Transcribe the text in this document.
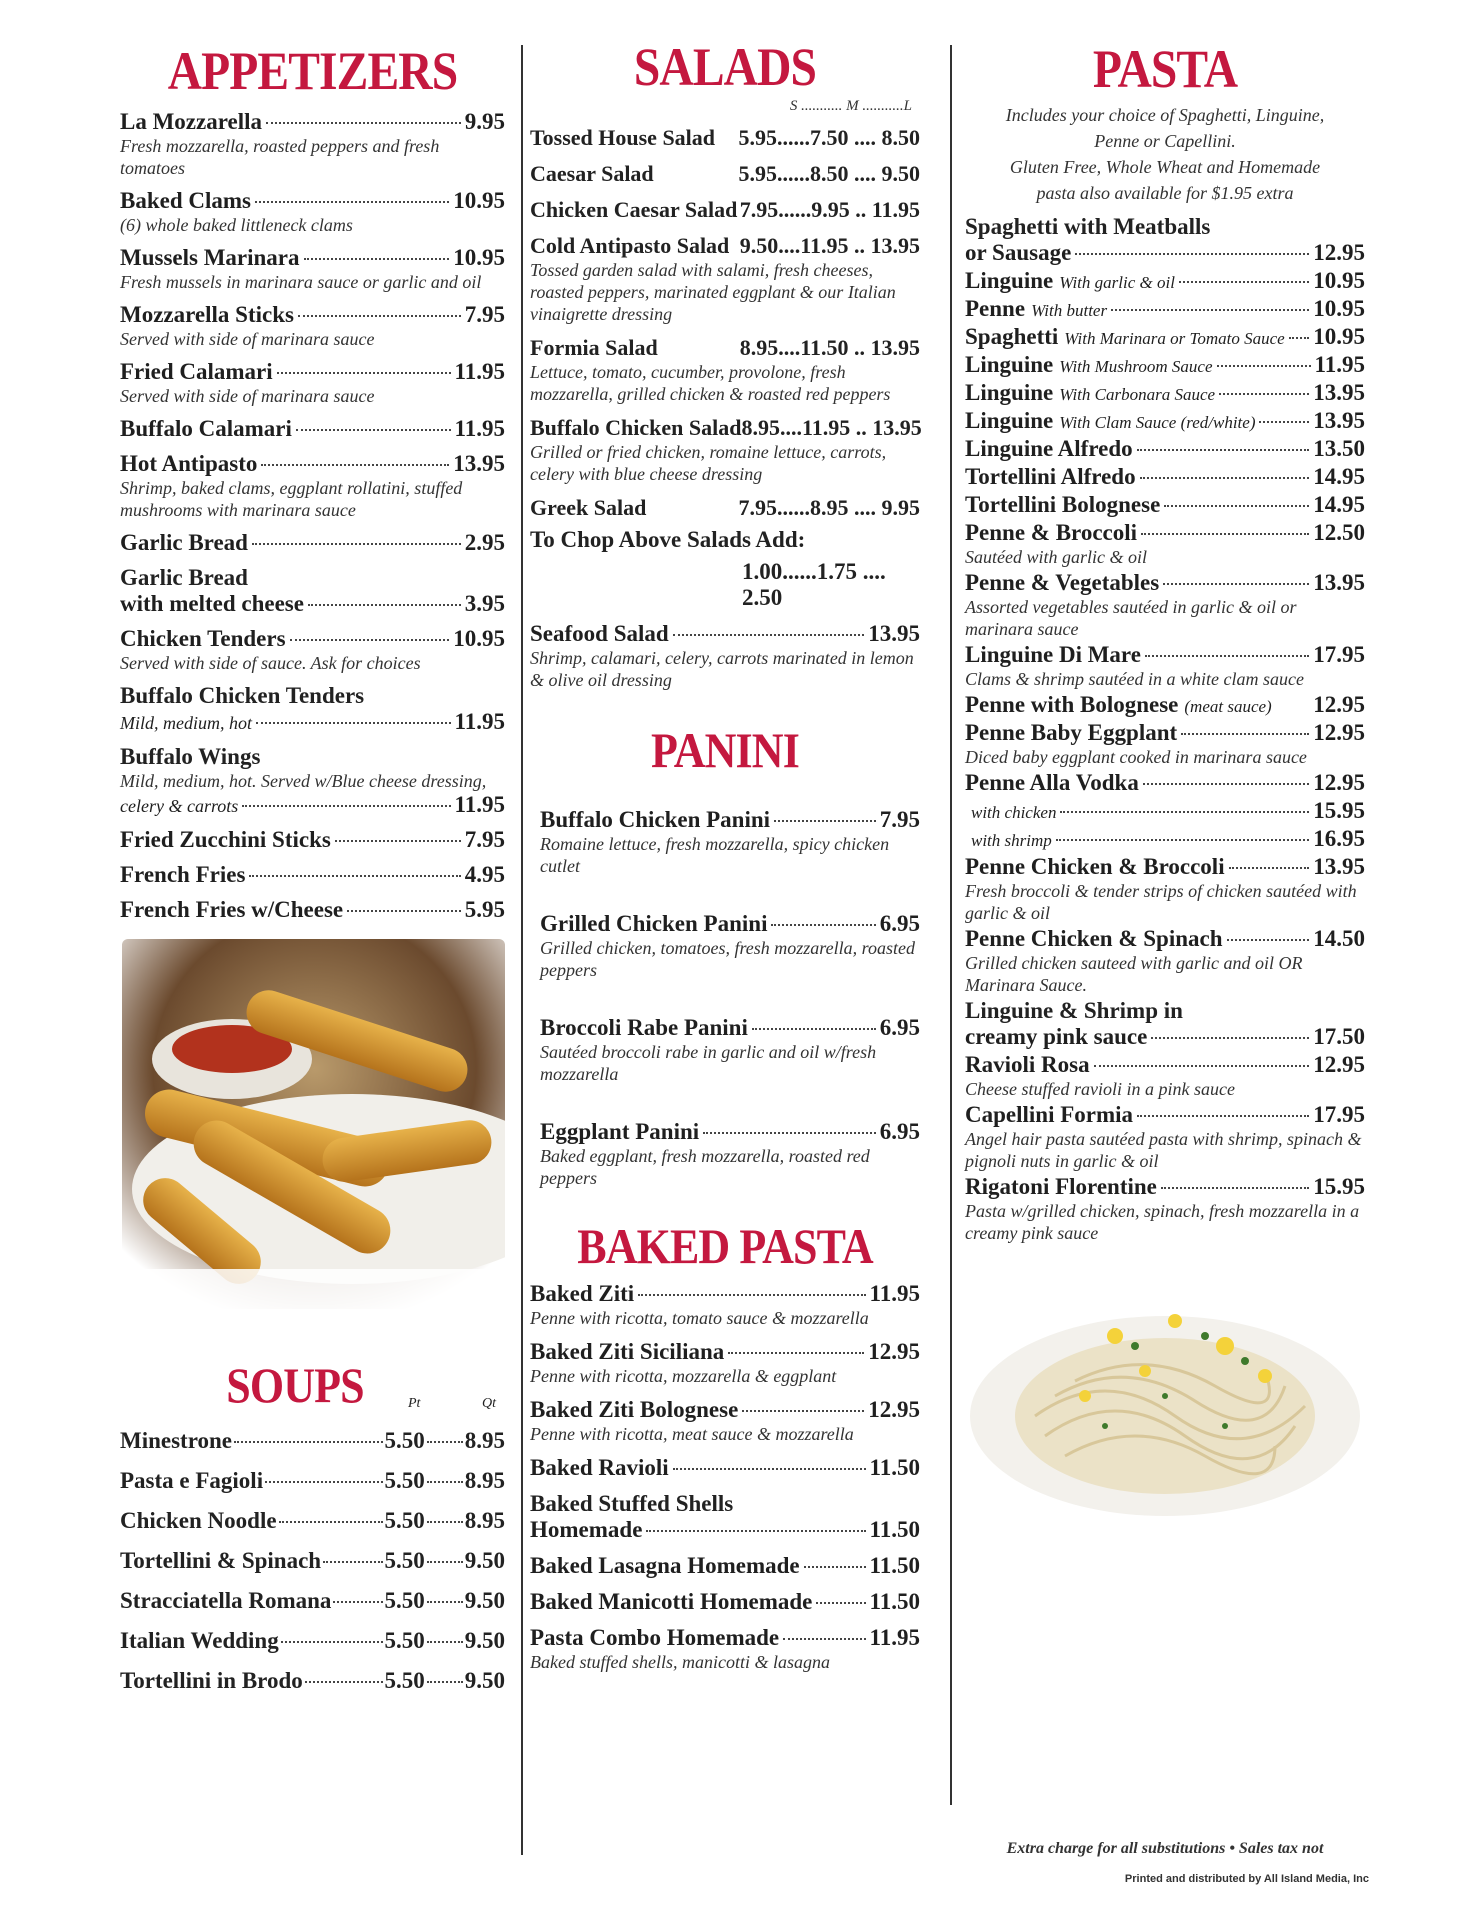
APPETIZERS
La Mozzarella	9.95
Fresh mozzarella, roasted peppers and fresh tomatoes
Baked Clams	10.95
(6) whole baked littleneck clams
Mussels Marinara	10.95
Fresh mussels in marinara sauce or garlic and oil
Mozzarella Sticks	7.95
Served with side of marinara sauce
Fried Calamari	11.95
Served with side of marinara sauce
Buffalo Calamari	11.95
Hot Antipasto	13.95
Shrimp, baked clams, eggplant rollatini, stuffed mushrooms with marinara sauce
Garlic Bread	2.95
Garlic Bread
with melted cheese	3.95
Chicken Tenders	10.95
Served with side of sauce. Ask for choices
Buffalo Chicken Tenders
Mild, medium, hot	11.95
Buffalo Wings
Mild, medium, hot. Served w/Blue cheese dressing,
celery & carrots	11.95
Fried Zucchini Sticks	7.95
French Fries	4.95
French Fries w/Cheese	5.95
SOUPS	Pt	Qt
Minestrone	5.50 8.95
Pasta e Fagioli	5.50 8.95
Chicken Noodle	5.50 8.95
Tortellini & Spinach	5.50 9.50
Stracciatella Romana 5.50 9.50
Italian Wedding	5.50 9.50
Tortellini in Brodo	5.50 9.50
SALADS
S ........... M ...........L
Tossed House Salad	5.95......7.50 .... 8.50
Caesar Salad	5.95......8.50 .... 9.50
Chicken Caesar Salad 7.95......9.95 .. 11.95
Cold Antipasto Salad 9.50....11.95 .. 13.95
Tossed garden salad with salami, fresh cheeses, roasted peppers, marinated eggplant & our Italian vinaigrette dressing
Formia Salad	8.95....11.50 .. 13.95
Lettuce, tomato, cucumber, provolone, fresh mozzarella, grilled chicken & roasted red peppers
Buffalo Chicken Salad 8.95....11.95 .. 13.95
Grilled or fried chicken, romaine lettuce, carrots, celery with blue cheese dressing
Greek Salad	7.95......8.95 .... 9.95
To Chop Above Salads Add:
1.00......1.75 .... 2.50
Seafood Salad	13.95
Shrimp, calamari, celery, carrots marinated in lemon & olive oil dressing
PANINI
Buffalo Chicken Panini	7.95
Romaine lettuce, fresh mozzarella, spicy chicken cutlet
Grilled Chicken Panini	6.95
Grilled chicken, tomatoes, fresh mozzarella, roasted peppers
Broccoli Rabe Panini	6.95
Sautéed broccoli rabe in garlic and oil w/fresh mozzarella
Eggplant Panini	6.95
Baked eggplant, fresh mozzarella, roasted red peppers
BAKED PASTA
Baked Ziti	11.95
Penne with ricotta, tomato sauce & mozzarella
Baked Ziti Siciliana	12.95
Penne with ricotta, mozzarella & eggplant
Baked Ziti Bolognese	12.95
Penne with ricotta, meat sauce & mozzarella
Baked Ravioli	11.50
Baked Stuffed Shells
Homemade	11.50
Baked Lasagna Homemade	11.50
Baked Manicotti Homemade 11.50
Pasta Combo Homemade	11.95
Baked stuffed shells, manicotti & lasagna
PASTA
Includes your choice of Spaghetti, Linguine,
Penne or Capellini.
Gluten Free, Whole Wheat and Homemade
pasta also available for $1.95 extra
Spaghetti with Meatballs
or Sausage	12.95
Linguine With garlic & oil	10.95
Penne With butter	10.95
Spaghetti With Marinara or Tomato Sauce 10.95
Linguine With Mushroom Sauce	11.95
Linguine With Carbonara Sauce	13.95
Linguine With Clam Sauce (red/white)	13.95
Linguine Alfredo	13.50
Tortellini Alfredo	14.95
Tortellini Bolognese	14.95
Penne & Broccoli	12.50
Sautéed with garlic & oil
Penne & Vegetables	13.95
Assorted vegetables sautéed in garlic & oil or marinara sauce
Linguine Di Mare	17.95
Clams & shrimp sautéed in a white clam sauce
Penne with Bolognese (meat sauce) 12.95
Penne Baby Eggplant	12.95
Diced baby eggplant cooked in marinara sauce
Penne Alla Vodka	12.95
with chicken	15.95
with shrimp	16.95
Penne Chicken & Broccoli	13.95
Fresh broccoli & tender strips of chicken sautéed with garlic & oil
Penne Chicken & Spinach	14.50
Grilled chicken sauteed with garlic and oil OR Marinara Sauce.
Linguine & Shrimp in
creamy pink sauce	17.50
Ravioli Rosa	12.95
Cheese stuffed ravioli in a pink sauce
Capellini Formia	17.95
Angel hair pasta sautéed pasta with shrimp, spinach & pignoli nuts in garlic & oil
Rigatoni Florentine	15.95
Pasta w/grilled chicken, spinach, fresh mozzarella in a creamy pink sauce
Extra charge for all substitutions • Sales tax not
Printed and distributed by All Island Media, Inc
